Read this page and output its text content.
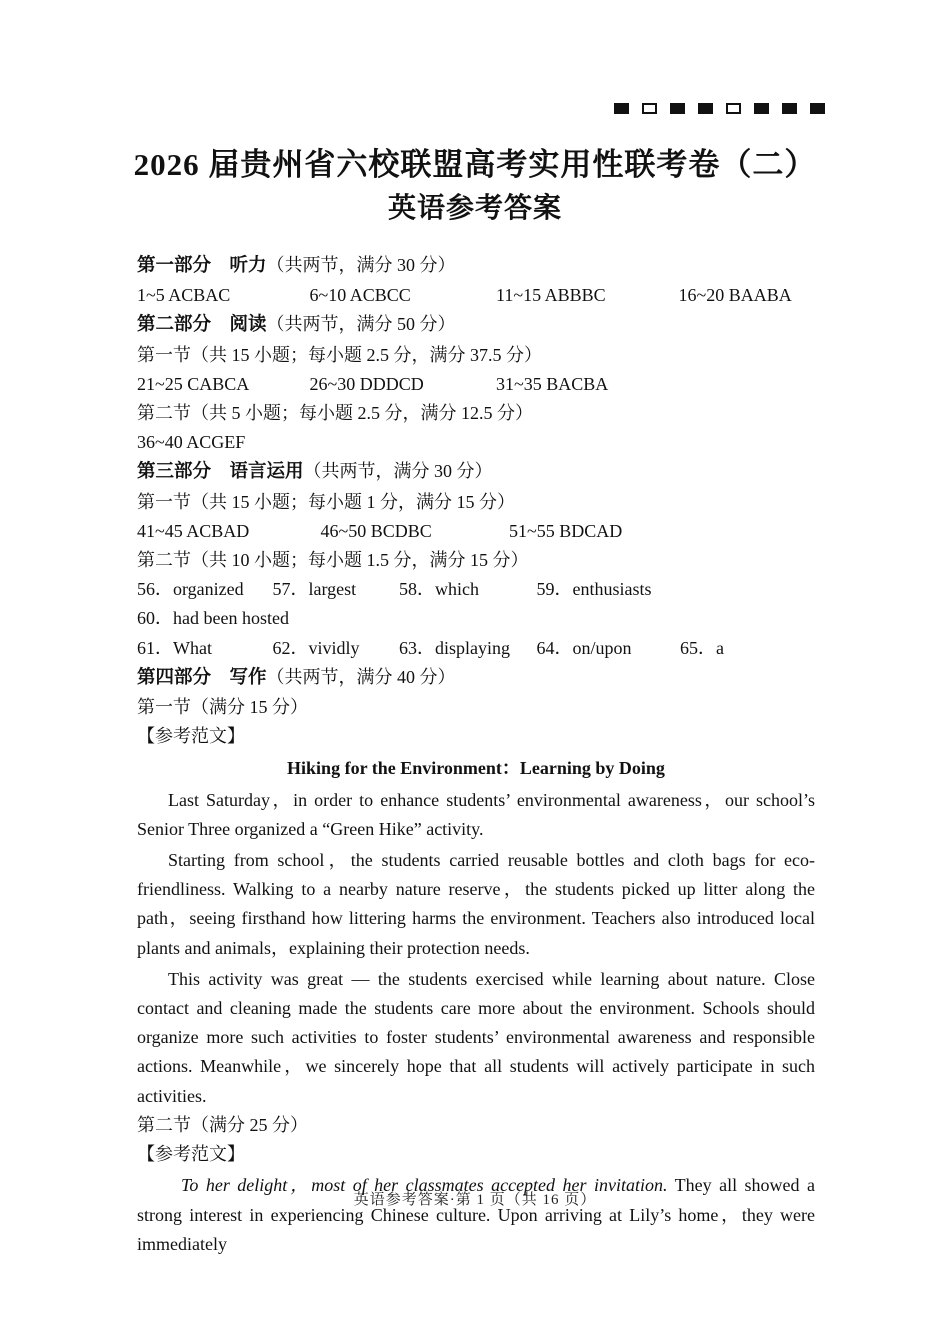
2026 届贵州省六校联盟高考实用性联考卷（二）
英语参考答案

第一部分　听力（共两节，满分 30 分）

1~5 ACBAC	6~10 ACBCC	11~15 ABBBC	16~20 BAABA

第二部分　阅读（共两节，满分 50 分）

第一节（共 15 小题；每小题 2.5 分，满分 37.5 分）

21~25 CABCA	26~30 DDDCD	31~35 BACBA

第二节（共 5 小题；每小题 2.5 分，满分 12.5 分）

36~40 ACGEF

第三部分　语言运用（共两节，满分 30 分）

第一节（共 15 小题；每小题 1 分，满分 15 分）

41~45 ACBAD	46~50 BCDBC	51~55 BDCAD

第二节（共 10 小题；每小题 1.5 分，满分 15 分）

56．organized 57．largest 58．which	59．enthusiasts 60．had been hosted

61．What	62．vividly 63．displaying 64．on/upon	65．a

第四部分　写作（共两节，满分 40 分）

第一节（满分 15 分）

【参考范文】

Hiking for the Environment：Learning by Doing

Last Saturday，in order to enhance students’ environmental awareness，our school’s Senior Three organized a “Green Hike” activity.

Starting from school，the students carried reusable bottles and cloth bags for eco-friendliness. Walking to a nearby nature reserve，the students picked up litter along the path，seeing firsthand how littering harms the environment. Teachers also introduced local plants and animals，explaining their protection needs.

This activity was great — the students exercised while learning about nature. Close contact and cleaning made the students care more about the environment. Schools should organize more such activities to foster students’ environmental awareness and responsible actions. Meanwhile，we sincerely hope that all students will actively participate in such activities.

第二节（满分 25 分）

【参考范文】

To her delight，most of her classmates accepted her invitation. They all showed a strong interest in experiencing Chinese culture. Upon arriving at Lily’s home，they were immediately

英语参考答案·第 1 页（共 16 页）
